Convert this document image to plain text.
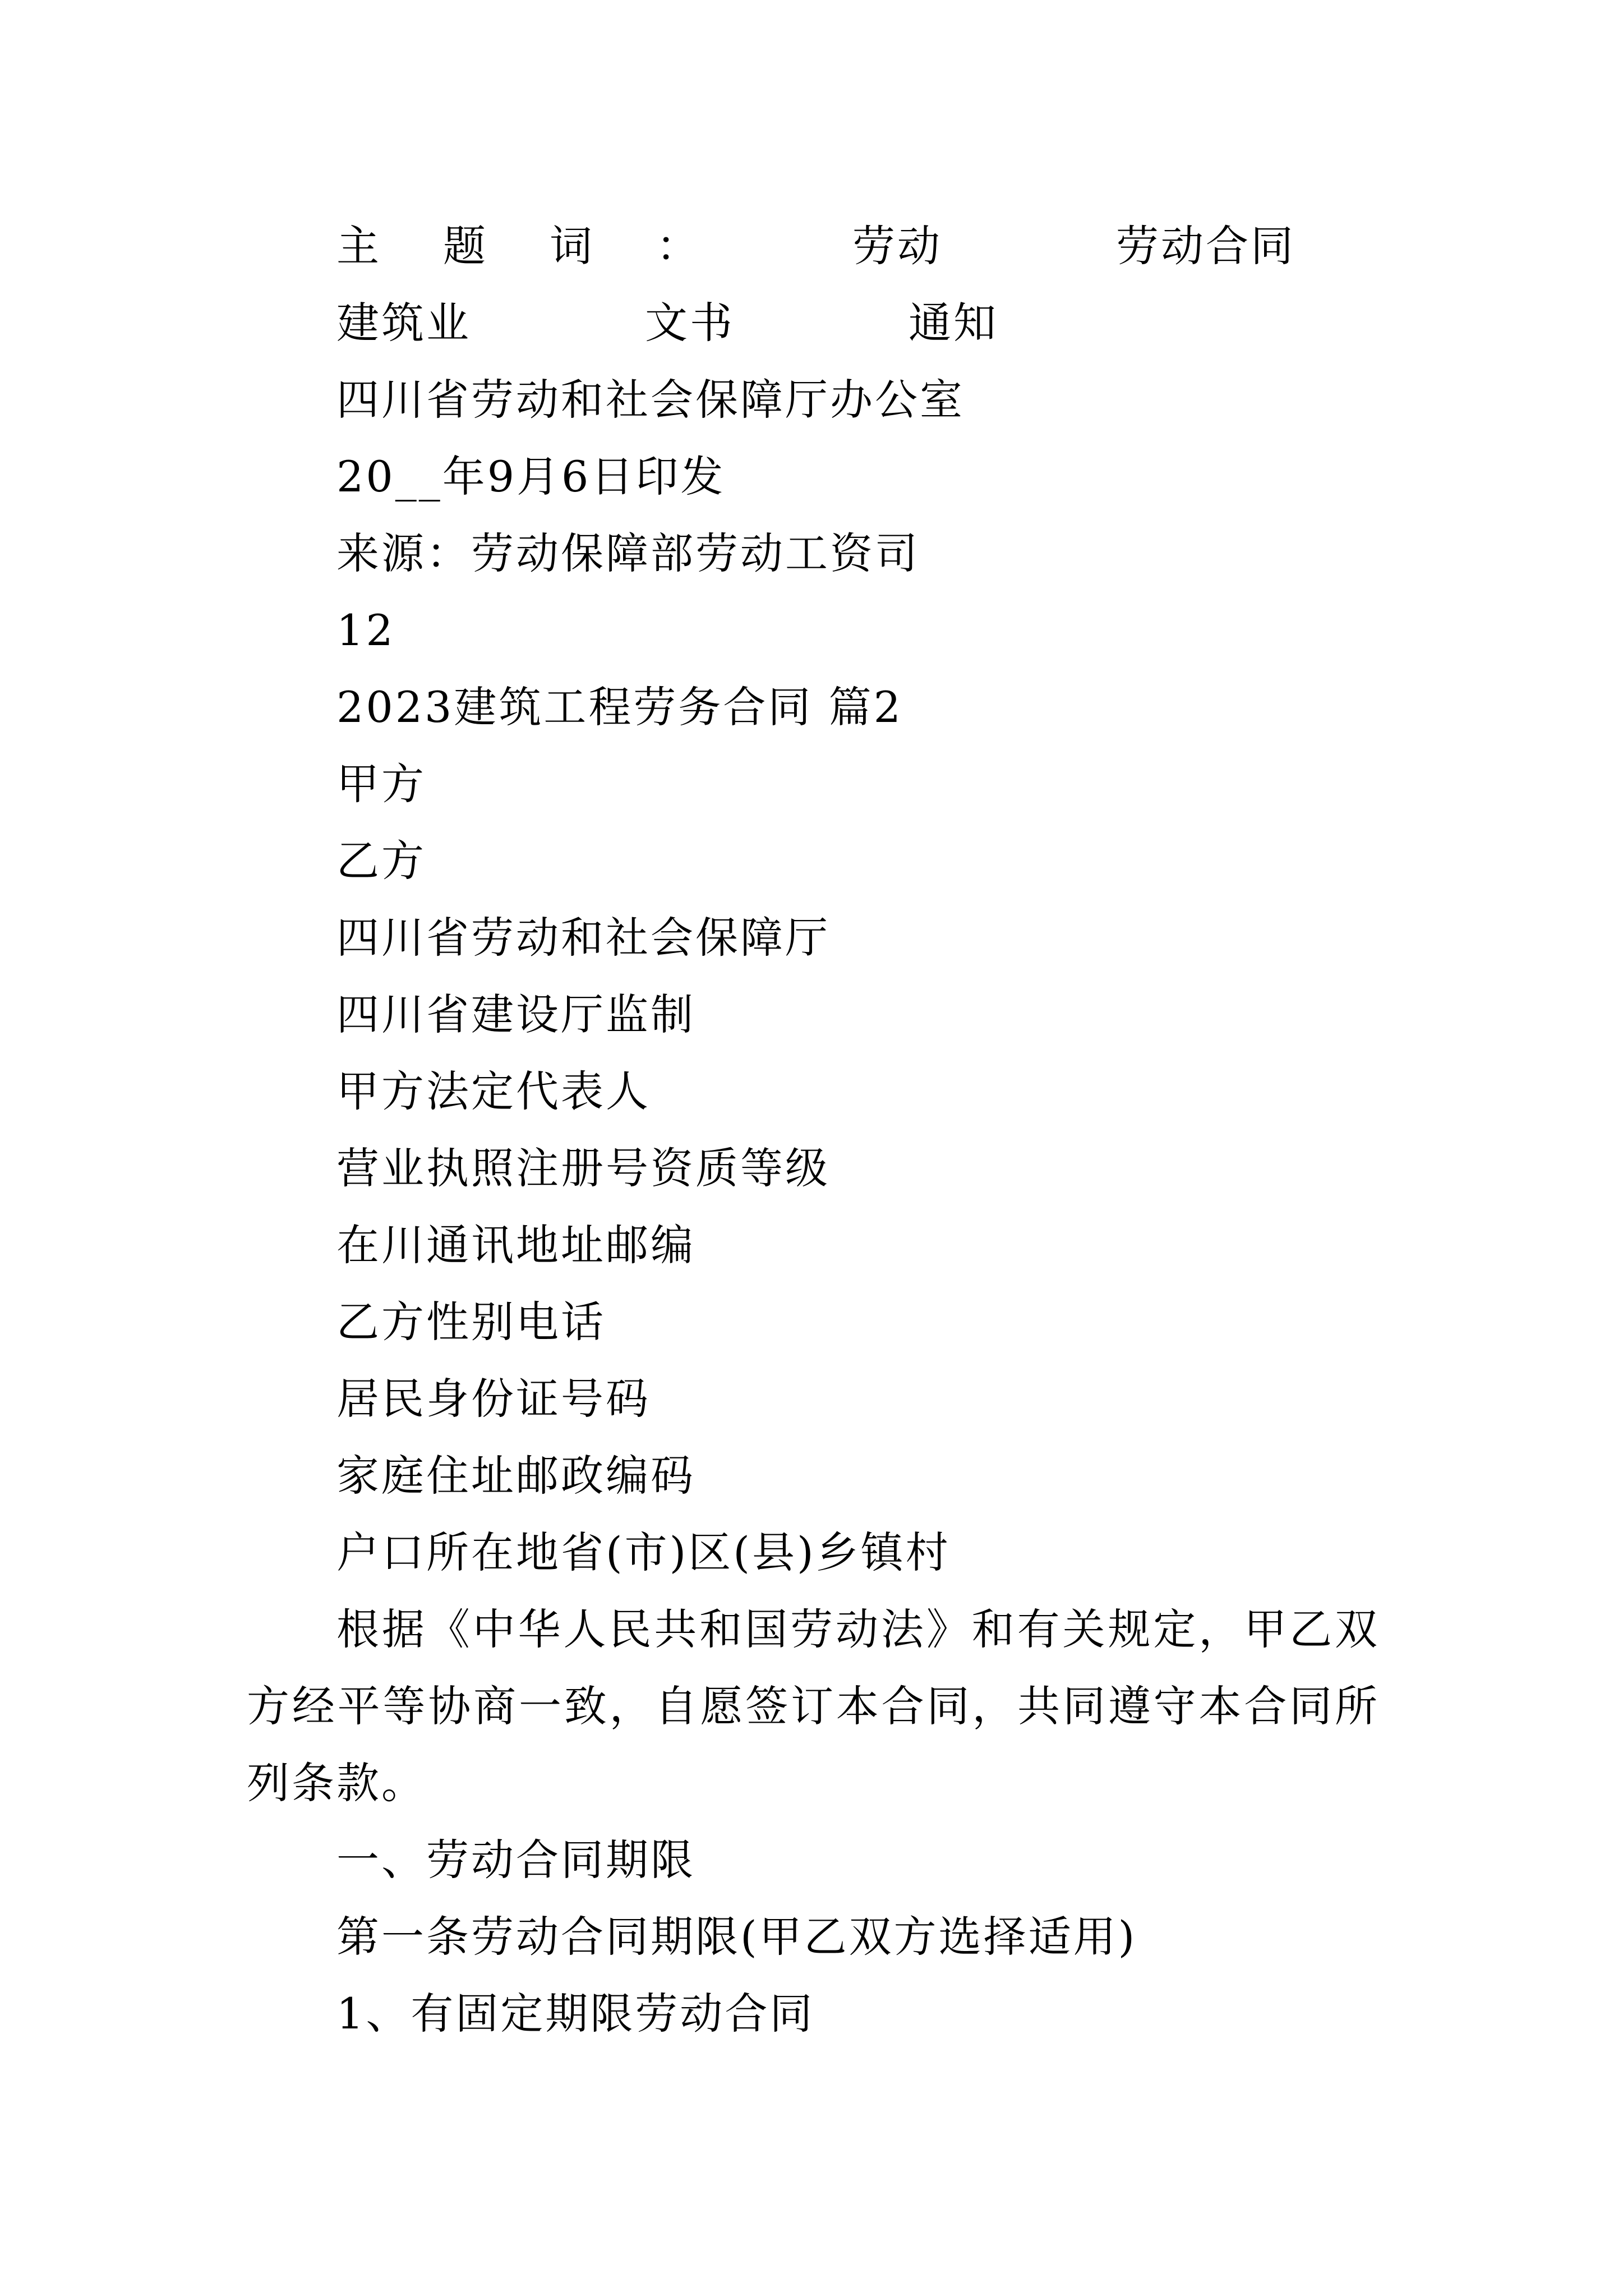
主题词： 劳动	劳动合同建筑业	文书	通知

四川省劳动和社会保障厅办公室

20__年9月6日印发

来源：劳动保障部劳动工资司

12

2023建筑工程劳务合同 篇2

甲方

乙方

四川省劳动和社会保障厅

四川省建设厅监制

甲方法定代表人

营业执照注册号资质等级

在川通讯地址邮编

乙方性别电话

居民身份证号码

家庭住址邮政编码

户口所在地省(市)区(县)乡镇村

根据《中华人民共和国劳动法》和有关规定，甲乙双方经平等协商一致，自愿签订本合同，共同遵守本合同所列条款。

一、劳动合同期限

第一条劳动合同期限(甲乙双方选择适用)

1、有固定期限劳动合同
